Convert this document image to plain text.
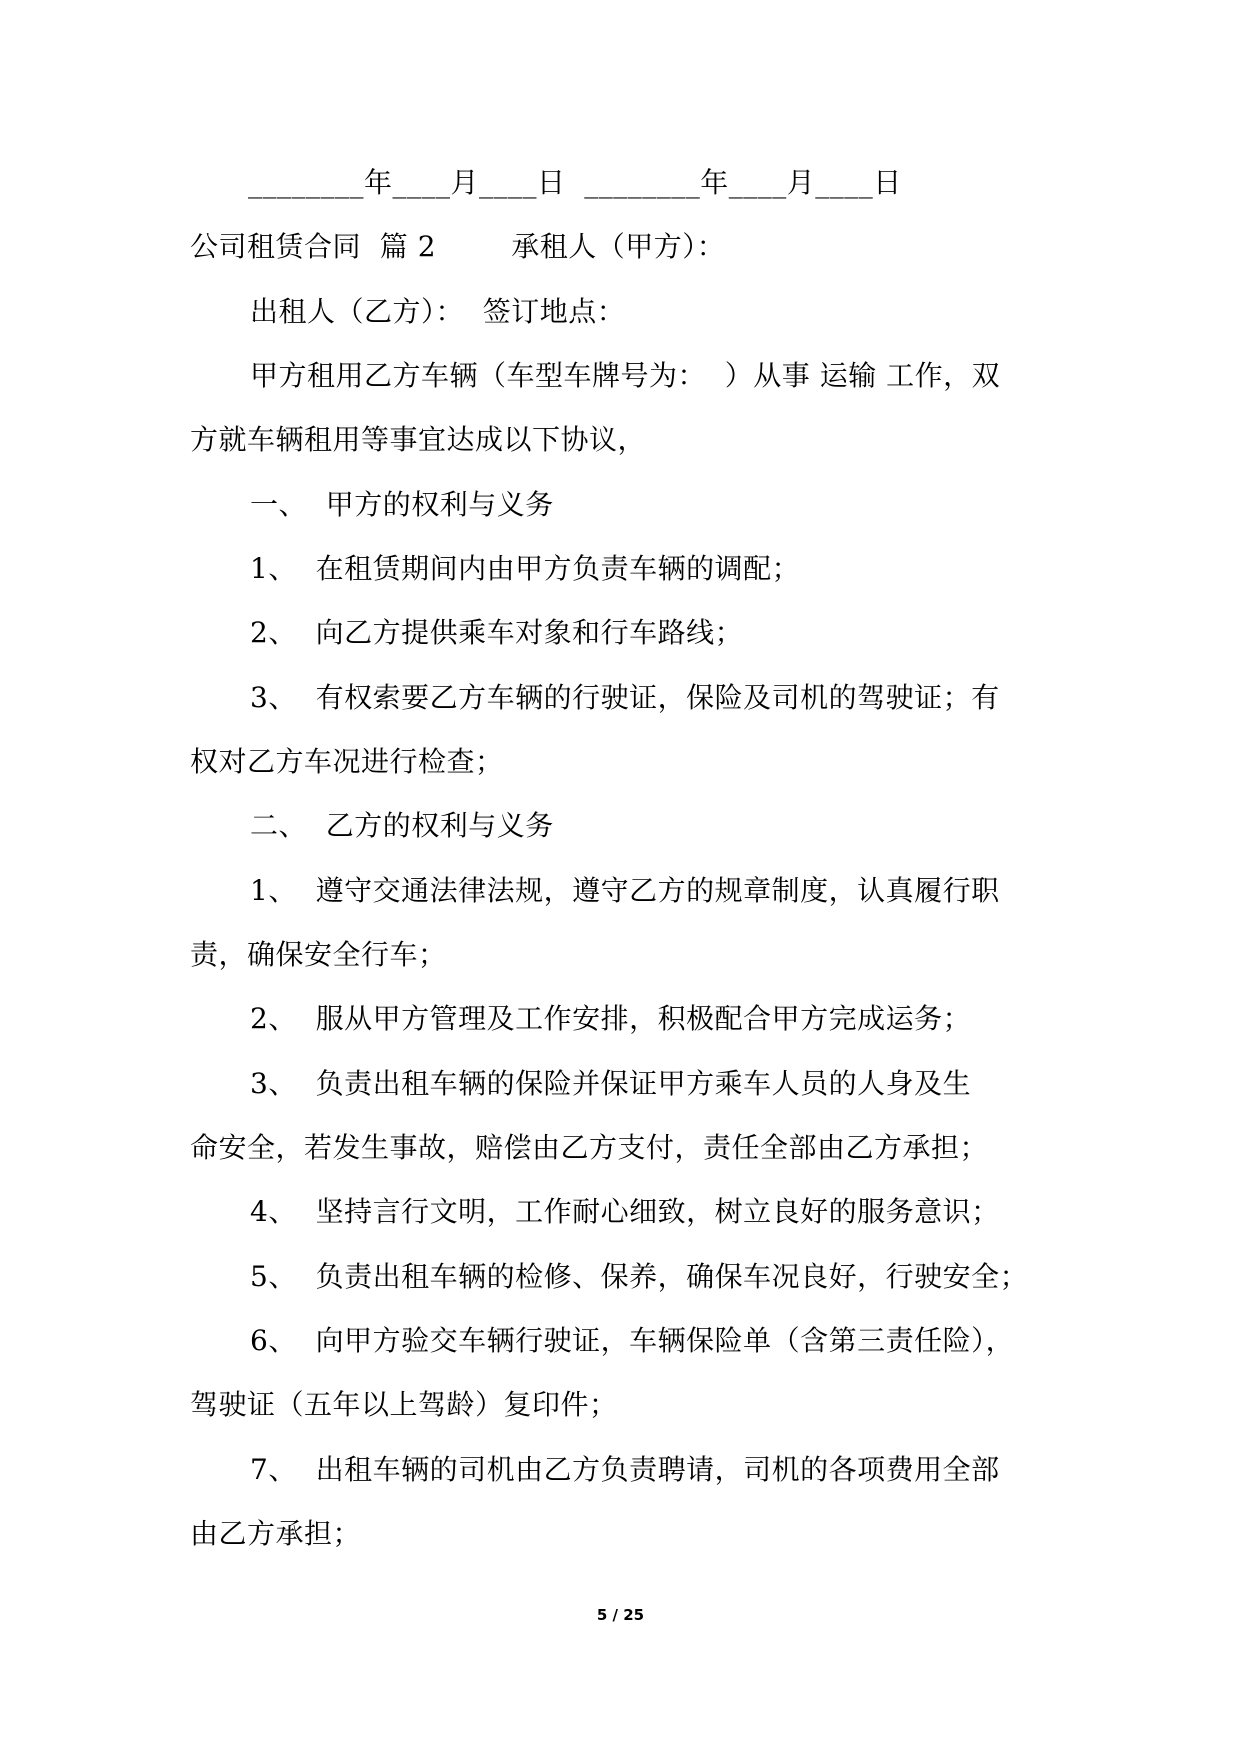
________年____月____日  ________年____月____日
公司租赁合同  篇 2        承租人（甲方）：
出租人（乙方）：  签订地点：
甲方租用乙方车辆（车型车牌号为：  ）从事 运输 工作，双
方就车辆租用等事宜达成以下协议，
一、  甲方的权利与义务
1、  在租赁期间内由甲方负责车辆的调配；
2、  向乙方提供乘车对象和行车路线；
3、  有权索要乙方车辆的行驶证，保险及司机的驾驶证；有
权对乙方车况进行检查；
二、  乙方的权利与义务
1、  遵守交通法律法规，遵守乙方的规章制度，认真履行职
责，确保安全行车；
2、  服从甲方管理及工作安排，积极配合甲方完成运务；
3、  负责出租车辆的保险并保证甲方乘车人员的人身及生
命安全，若发生事故，赔偿由乙方支付，责任全部由乙方承担；
4、  坚持言行文明，工作耐心细致，树立良好的服务意识；
5、  负责出租车辆的检修、保养，确保车况良好，行驶安全；
6、  向甲方验交车辆行驶证，车辆保险单（含第三责任险），
驾驶证（五年以上驾龄）复印件；
7、  出租车辆的司机由乙方负责聘请，司机的各项费用全部
由乙方承担；
5 / 25
